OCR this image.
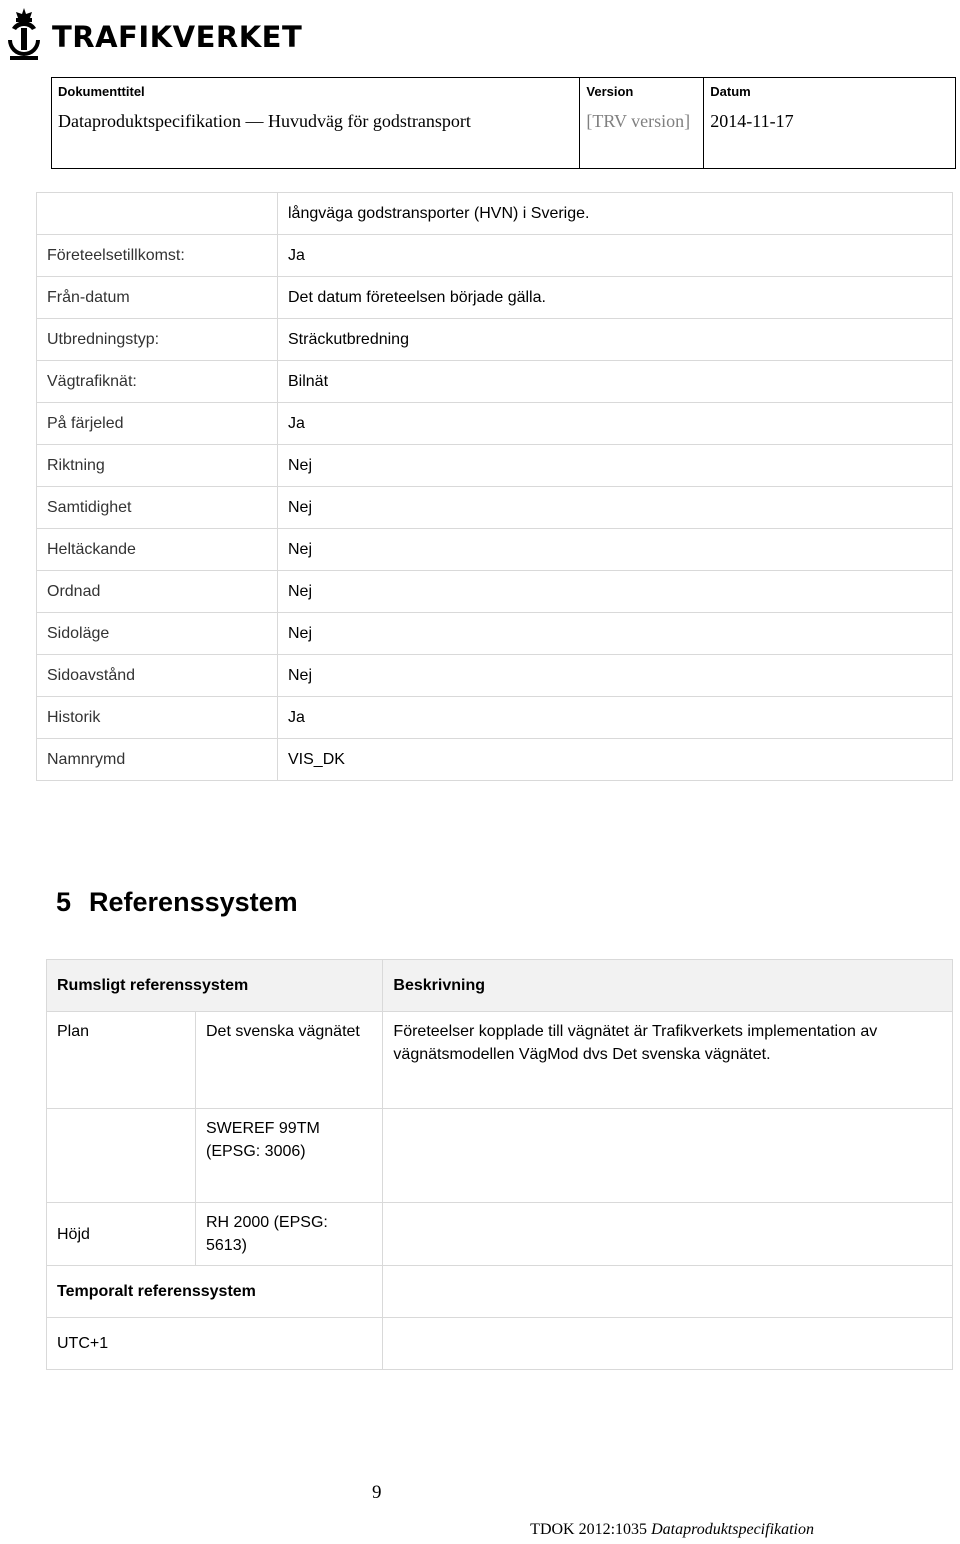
TRAFIKVERKET
Dokumenttitel
Dataproduktspecifikation — Huvudväg för godstransport
Version
[TRV version]
Datum
2014-11-17
	långväga godstransporter (HVN) i Sverige.
Företeelsetillkomst:	Ja
Från-datum	Det datum företeelsen började gälla.
Utbredningstyp:	Sträckutbredning
Vägtrafiknät:	Bilnät
På färjeled	Ja
Riktning	Nej
Samtidighet	Nej
Heltäckande	Nej
Ordnad	Nej
Sidoläge	Nej
Sidoavstånd	Nej
Historik	Ja
Namnrymd	VIS_DK
5 Referenssystem
Rumsligt referenssystem		Beskrivning
Plan	Det svenska vägnätet	Företeelser kopplade till vägnätet är Trafikverkets implementation av vägnätsmodellen VägMod dvs Det svenska vägnätet.
	SWEREF 99TM (EPSG: 3006)	
Höjd	RH 2000 (EPSG: 5613)	
Temporalt referenssystem		
UTC+1		
9
TDOK 2012:1035 Dataproduktspecifikation
